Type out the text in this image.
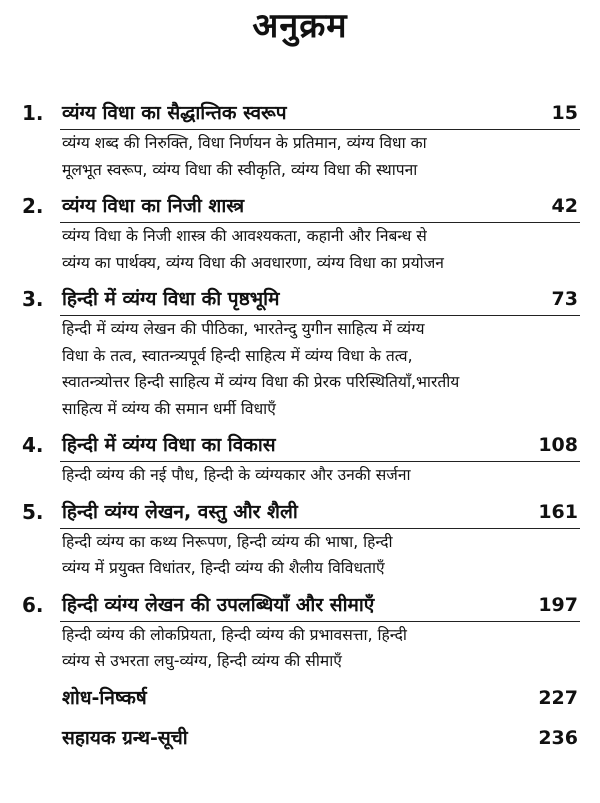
अनुक्रम
1. व्यंग्य विधा का सैद्धान्तिक स्वरूप	15
व्यंग्य शब्द की निरुक्ति, विधा निर्णयन के प्रतिमान, व्यंग्य विधा का
मूलभूत स्वरूप, व्यंग्य विधा की स्वीकृति, व्यंग्य विधा की स्थापना
2. व्यंग्य विधा का निजी शास्त्र	42
व्यंग्य विधा के निजी शास्त्र की आवश्यकता, कहानी और निबन्ध से
व्यंग्य का पार्थक्य, व्यंग्य विधा की अवधारणा, व्यंग्य विधा का प्रयोजन
3. हिन्दी में व्यंग्य विधा की पृष्ठभूमि	73
हिन्दी में व्यंग्य लेखन की पीठिका, भारतेन्दु युगीन साहित्य में व्यंग्य
विधा के तत्व, स्वातन्त्र्यपूर्व हिन्दी साहित्य में व्यंग्य विधा के तत्व,
स्वातन्त्र्योत्तर हिन्दी साहित्य में व्यंग्य विधा की प्रेरक परिस्थितियाँ,भारतीय
साहित्य में व्यंग्य की समान धर्मी विधाएँ
4. हिन्दी में व्यंग्य विधा का विकास	108
हिन्दी व्यंग्य की नई पौध, हिन्दी के व्यंग्यकार और उनकी सर्जना
5. हिन्दी व्यंग्य लेखन, वस्तु और शैली	161
हिन्दी व्यंग्य का कथ्य निरूपण, हिन्दी व्यंग्य की भाषा, हिन्दी
व्यंग्य में प्रयुक्त विधांतर, हिन्दी व्यंग्य की शैलीय विविधताएँ
6. हिन्दी व्यंग्य लेखन की उपलब्धियाँ और सीमाएँ	197
हिन्दी व्यंग्य की लोकप्रियता, हिन्दी व्यंग्य की प्रभावसत्ता, हिन्दी
व्यंग्य से उभरता लघु-व्यंग्य, हिन्दी व्यंग्य की सीमाएँ
शोध-निष्कर्ष	227
सहायक ग्रन्थ-सूची	236
